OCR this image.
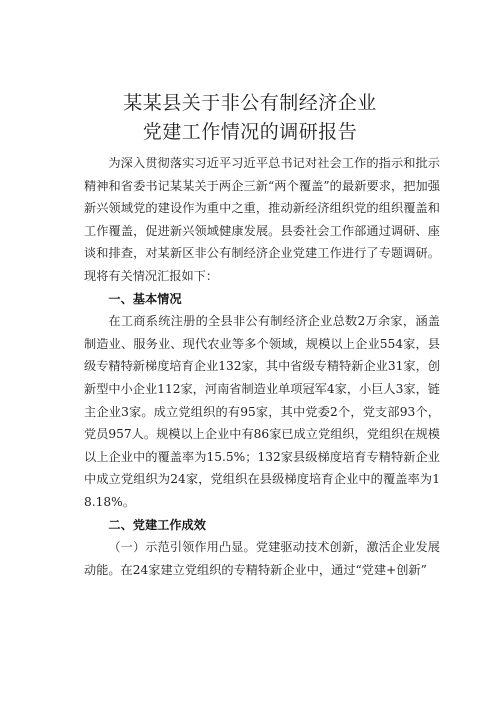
某某县关于非公有制经济企业
党建工作情况的调研报告

为深入贯彻落实习近平习近平总书记对社会工作的指示和批示精神和省委书记某某关于两企三新“两个覆盖”的最新要求，把加强新兴领域党的建设作为重中之重，推动新经济组织党的组织覆盖和工作覆盖，促进新兴领域健康发展。县委社会工作部通过调研、座谈和排查，对某新区非公有制经济企业党建工作进行了专题调研。现将有关情况汇报如下：

一、基本情况

在工商系统注册的全县非公有制经济企业总数2万余家，涵盖制造业、服务业、现代农业等多个领域，规模以上企业554家，县级专精特新梯度培育企业132家，其中省级专精特新企业31家，创新型中小企业112家，河南省制造业单项冠军4家，小巨人3家，链主企业3家。成立党组织的有95家，其中党委2个，党支部93个，党员957人。规模以上企业中有86家已成立党组织，党组织在规模以上企业中的覆盖率为15.5%；132家县级梯度培育专精特新企业中成立党组织为24家，党组织在县级梯度培育企业中的覆盖率为18.18%。

二、党建工作成效

（一）示范引领作用凸显。党建驱动技术创新，激活企业发展动能。在24家建立党组织的专精特新企业中，通过“党建+创新”
